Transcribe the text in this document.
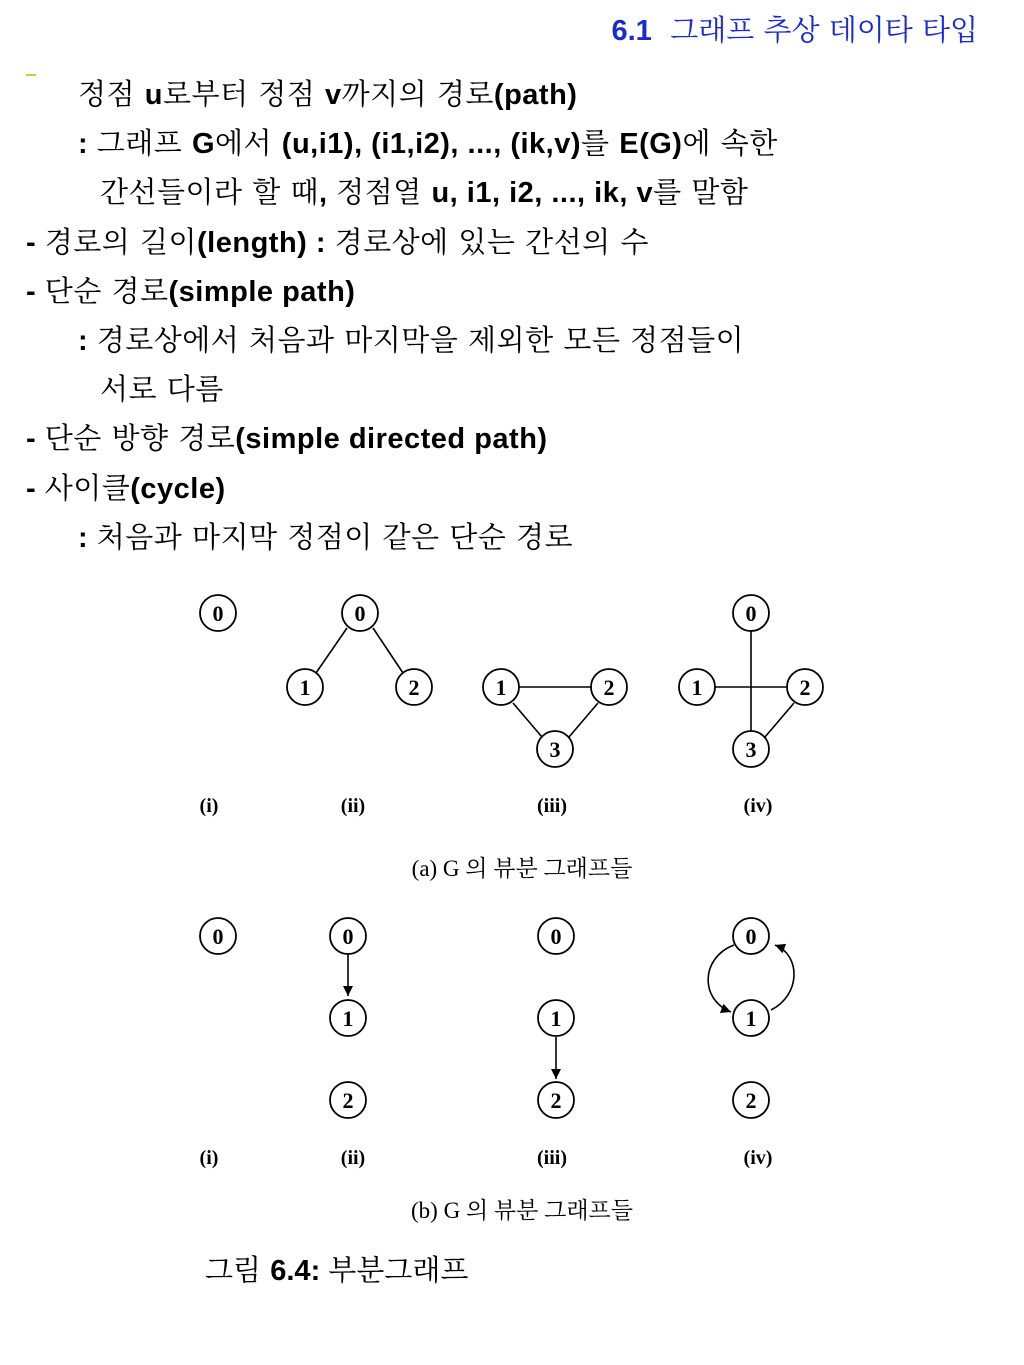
6.1 그래프 추상 데이타 타입
정점 u로부터 정점 v까지의 경로(path)
: 그래프 G에서 (u,i1), (i1,i2), ..., (ik,v)를 E(G)에 속한
간선들이라 할 때, 정점열 u, i1, i2, ..., ik, v를 말함
- 경로의 길이(length) : 경로상에 있는 간선의 수
- 단순 경로(simple path)
: 경로상에서 처음과 마지막을 제외한 모든 정점들이
서로 다름
- 단순 방향 경로(simple directed path)
- 사이클(cycle)
: 처음과 마지막 정점이 같은 단순 경로
0	0
1	2	1	2
3
0
1	2
3
(i)	(ii)	(iii)	(iv)
(a) G 의 뷰분 그래프들
0	0
1
2
0
1
2
0
1
2
(i)	(ii)	(iii)	(iv)
(b) G 의 뷰분 그래프들
그림 6.4: 부분그래프
